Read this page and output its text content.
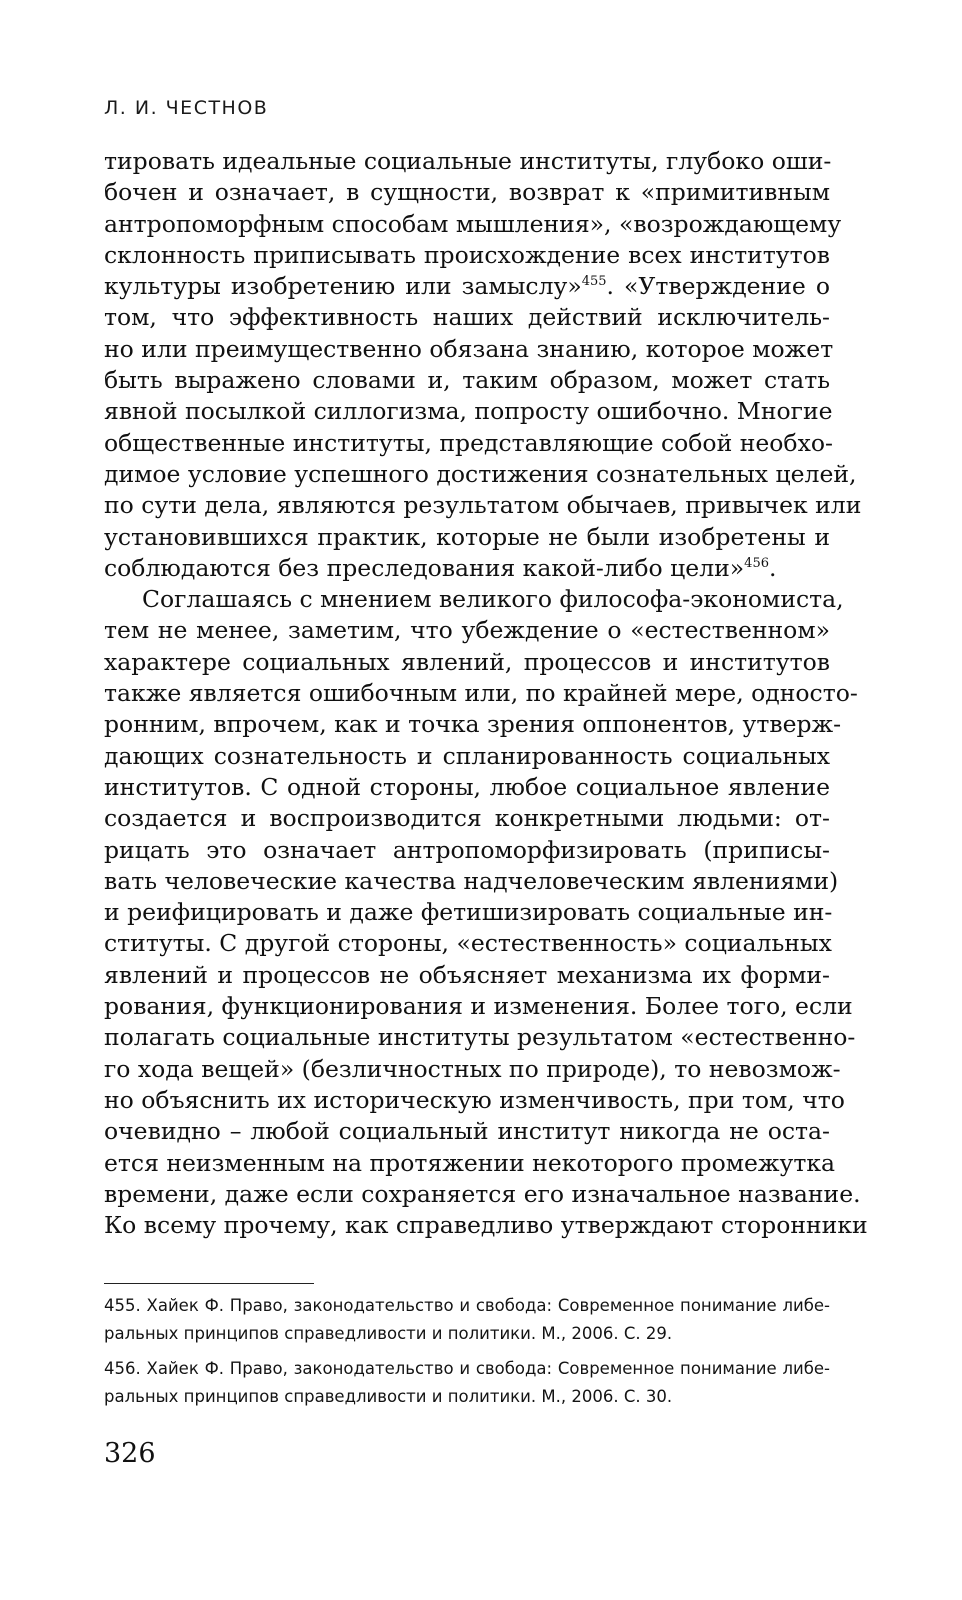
Л. И. ЧЕСТНОВ
тировать идеальные социальные институты, глубоко оши-
бочен и означает, в сущности, возврат к «примитивным
антропоморфным способам мышления», «возрождающему
склонность приписывать происхождение всех институтов
культуры изобретению или замыслу»$^{455}$. «Утверждение о
том, что эффективность наших действий исключитель-
но или преимущественно обязана знанию, которое может
быть выражено словами и, таким образом, может стать
явной посылкой силлогизма, попросту ошибочно. Многие
общественные институты, представляющие собой необхо-
димое условие успешного достижения сознательных целей,
по сути дела, являются результатом обычаев, привычек или
установившихся практик, которые не были изобретены и
соблюдаются без преследования какой-либо цели»$^{456}$.
Соглашаясь с мнением великого философа-экономиста,
тем не менее, заметим, что убеждение о «естественном»
характере социальных явлений, процессов и институтов
также является ошибочным или, по крайней мере, односто-
ронним, впрочем, как и точка зрения оппонентов, утверж-
дающих сознательность и спланированность социальных
институтов. С одной стороны, любое социальное явление
создается и воспроизводится конкретными людьми: от-
рицать это означает антропоморфизировать (приписы-
вать человеческие качества надчеловеческим явлениями)
и реифицировать и даже фетишизировать социальные ин-
ституты. С другой стороны, «естественность» социальных
явлений и процессов не объясняет механизма их форми-
рования, функционирования и изменения. Более того, если
полагать социальные институты результатом «естественно-
го хода вещей» (безличностных по природе), то невозмож-
но объяснить их историческую изменчивость, при том, что
очевидно – любой социальный институт никогда не оста-
ется неизменным на протяжении некоторого промежутка
времени, даже если сохраняется его изначальное название.
Ко всему прочему, как справедливо утверждают сторонники
455. Хайек Ф. Право, законодательство и свобода: Современное понимание либе-
ральных принципов справедливости и политики. М., 2006. С. 29.
456. Хайек Ф. Право, законодательство и свобода: Современное понимание либе-
ральных принципов справедливости и политики. М., 2006. С. 30.
326
